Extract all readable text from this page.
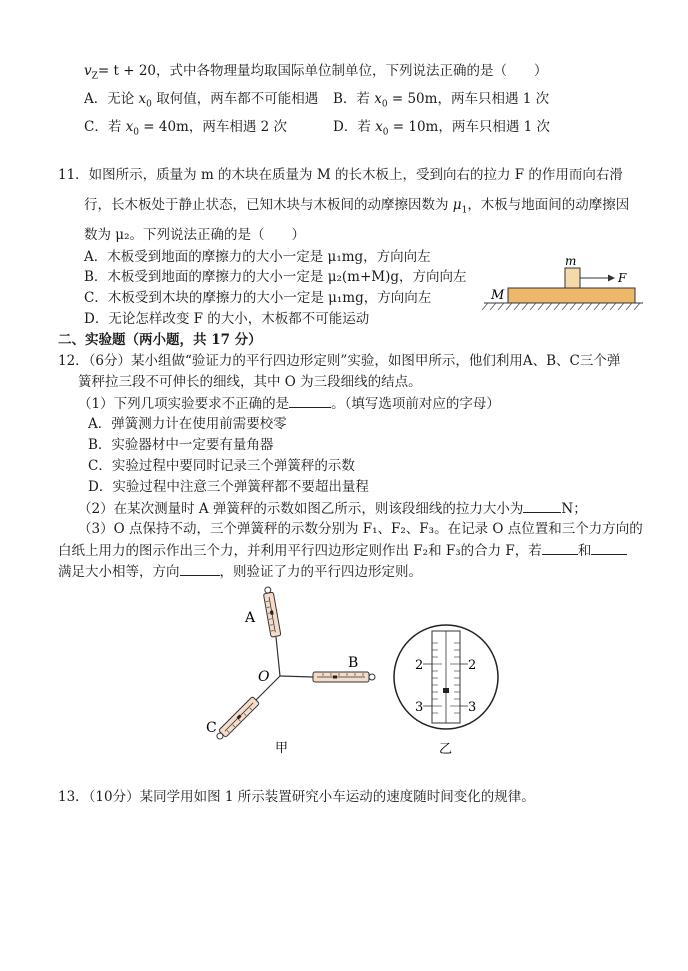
$v_Z= t + 20$，式中各物理量均取国际单位制单位，下列说法正确的是（　　）
A．无论 $x_0$ 取何值，两车都不可能相遇 B．若 $x_0 = 50m$，两车只相遇 1 次
C．若 $x_0 = 40m$，两车相遇 2 次	D．若 $x_0 = 10m$，两车只相遇 1 次
11．如图所示，质量为 m 的木块在质量为 M 的长木板上，受到向右的拉力 F 的作用而向右滑
行，长木板处于静止状态，已知木块与木板间的动摩擦因数为 $\mu_1$，木板与地面间的动摩擦因
数为 μ₂。下列说法正确的是（　　）
A．木板受到地面的摩擦力的大小一定是 μ₁mg，方向向左
B．木板受到地面的摩擦力的大小一定是 μ₂(m+M)g，方向向左
C．木板受到木块的摩擦力的大小一定是 μ₁mg，方向向左
D．无论怎样改变 F 的大小，木板都不可能运动
m
M
F
二、实验题（两小题，共 17 分）
12．（6分）某小组做“验证力的平行四边形定则”实验，如图甲所示，他们利用A、B、C三个弹
簧秤拉三段不可伸长的细线，其中 O 为三段细线的结点。
（1）下列几项实验要求不正确的是	。（填写选项前对应的字母）
A．弹簧测力计在使用前需要校零
B．实验器材中一定要有量角器
C．实验过程中要同时记录三个弹簧秤的示数
D．实验过程中注意三个弹簧秤都不要超出量程
（2）在某次测量时 A 弹簧秤的示数如图乙所示，则该段细线的拉力大小为	N；
（3）O 点保持不动，三个弹簧秤的示数分别为 F₁、F₂、F₃。在记录 O 点位置和三个力方向的
白纸上用力的图示作出三个力，并利用平行四边形定则作出 F₂和 F₃的合力 F，若	和
满足大小相等，方向	，则验证了力的平行四边形定则。
A
B
C
O
甲
2	2
3	3
乙
13．（10分）某同学用如图 1 所示装置研究小车运动的速度随时间变化的规律。
